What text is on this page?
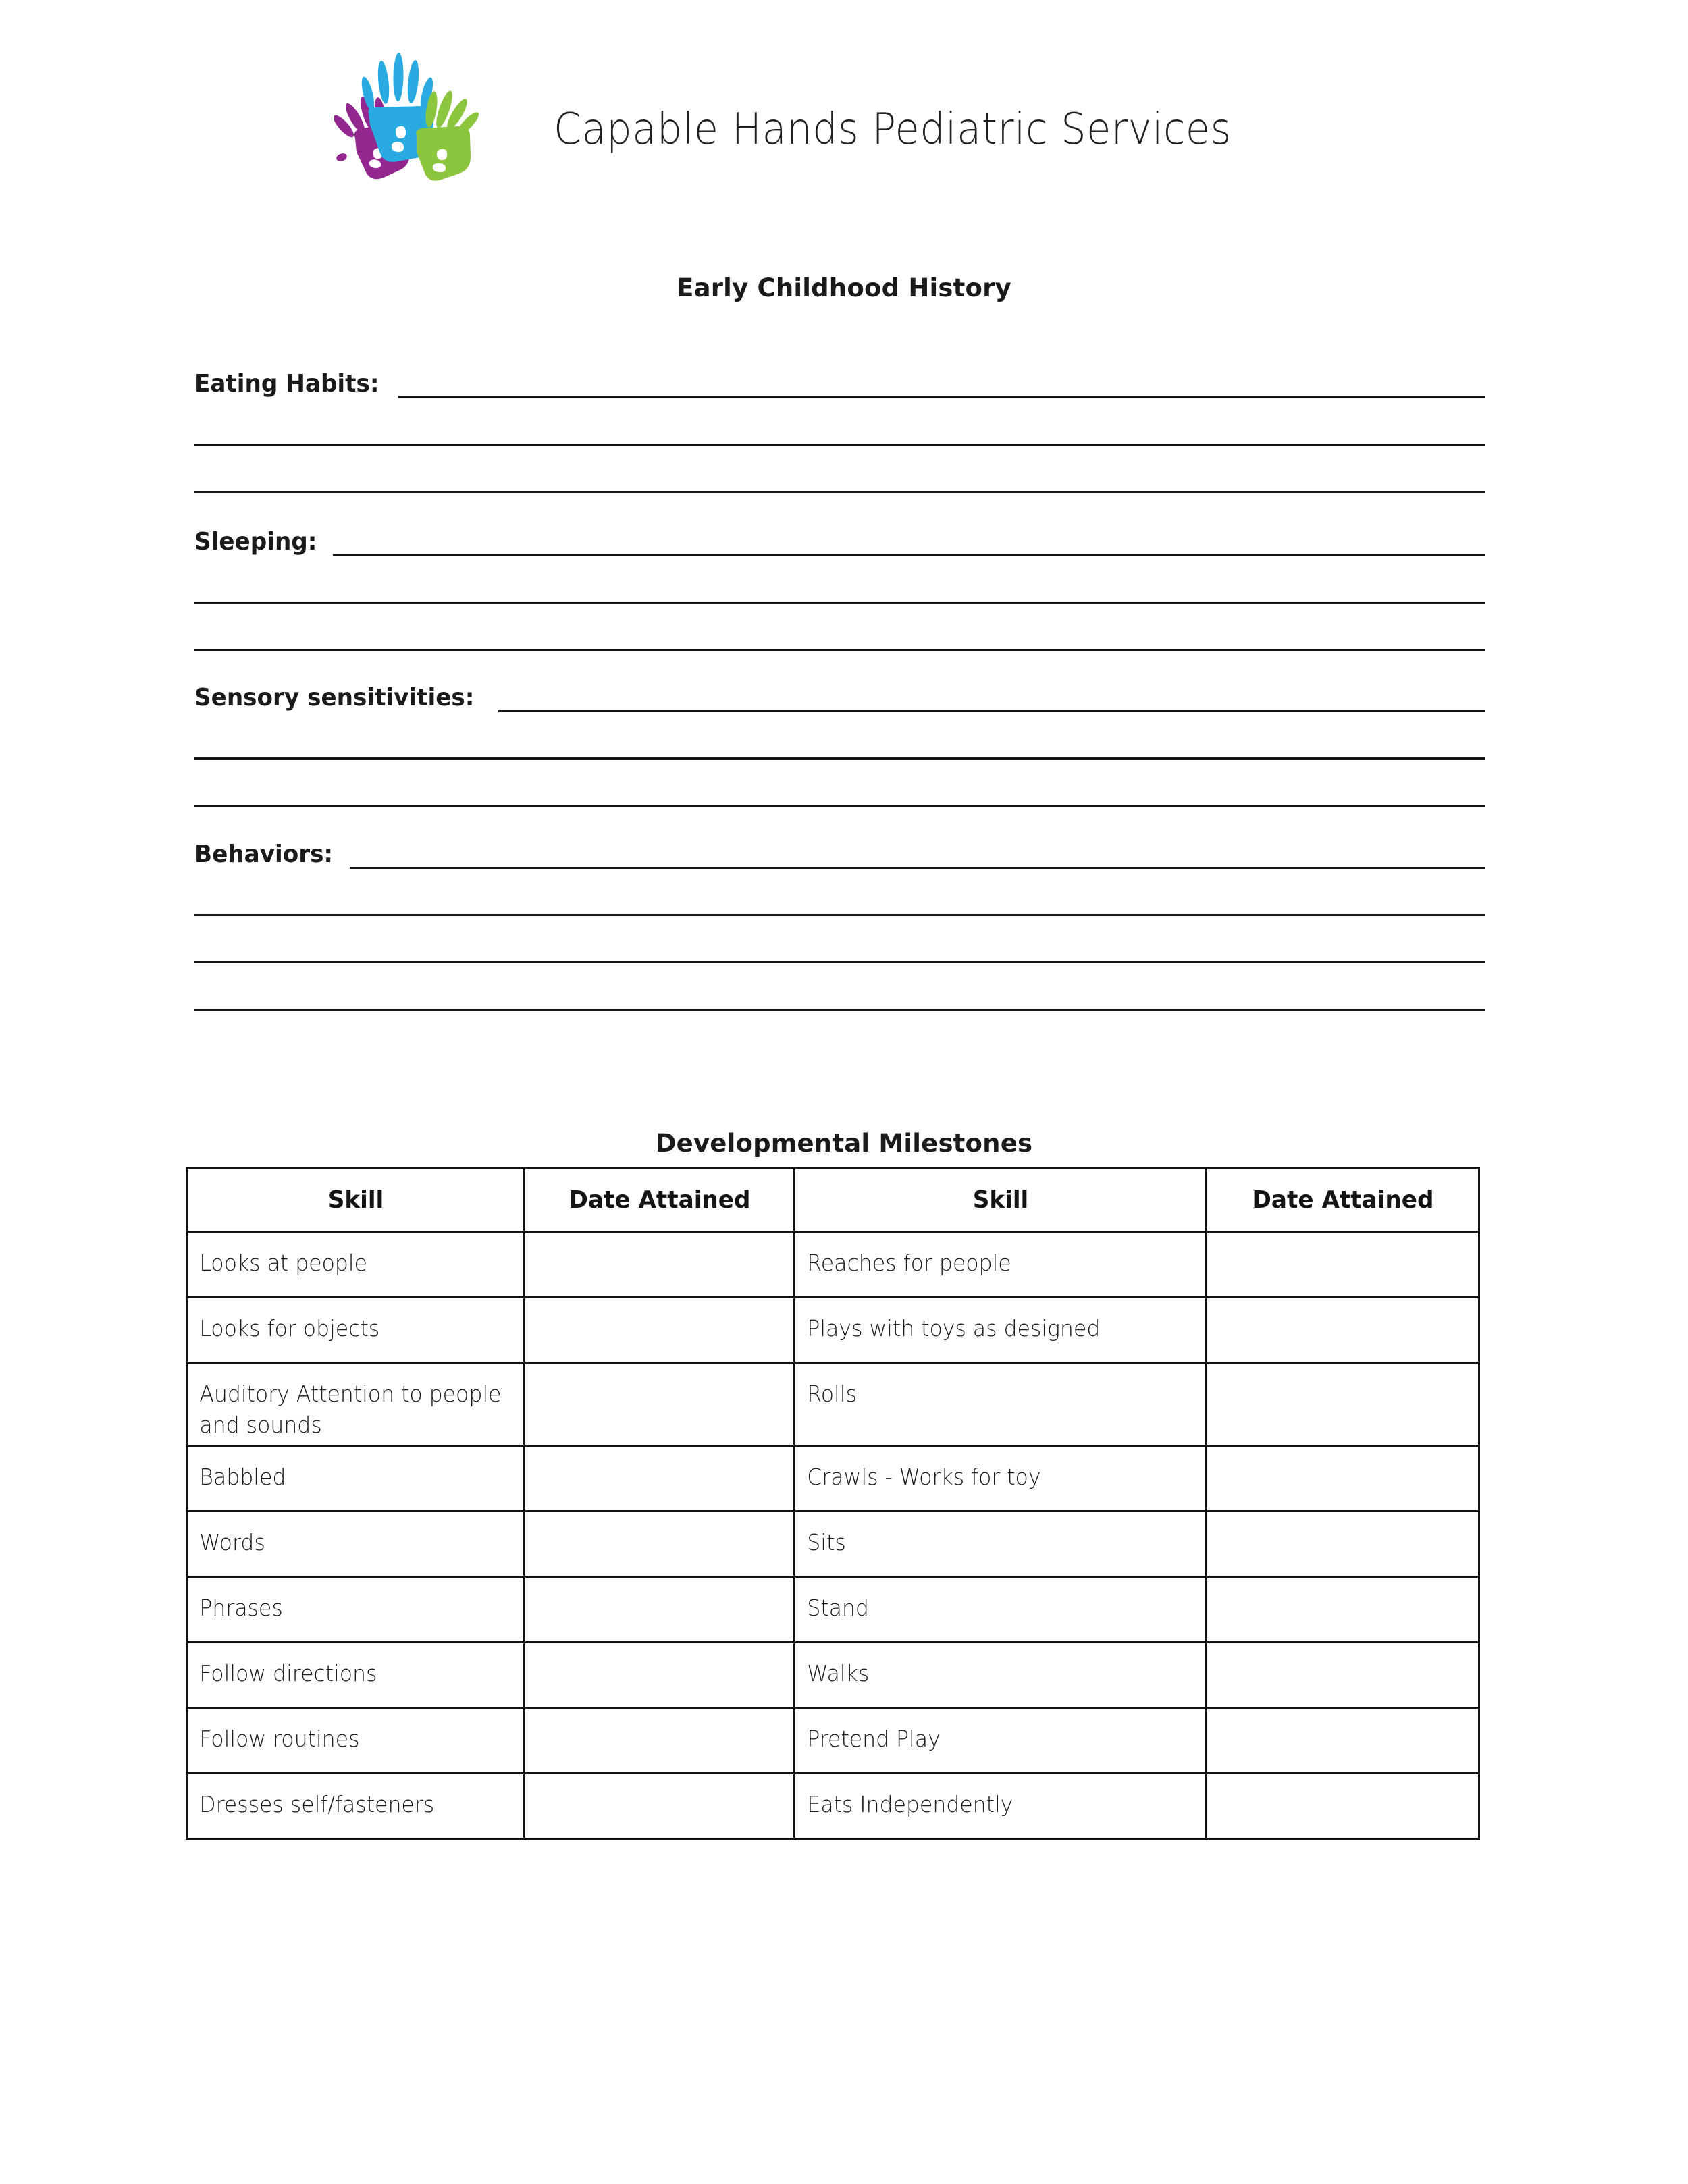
Capable Hands Pediatric Services
Early Childhood History
Eating Habits:
Sleeping:
Sensory sensitivities:
Behaviors:
Developmental Milestones
Skill	Date Attained	Skill	Date Attained

Looks at people		Reaches for people	

Looks for objects		Plays with toys as designed	

Auditory Attention to people and sounds		Rolls	

Babbled		Crawls - Works for toy	

Words		Sits	

Phrases		Stand	

Follow directions		Walks	

Follow routines		Pretend Play	

Dresses self/fasteners		Eats Independently	
